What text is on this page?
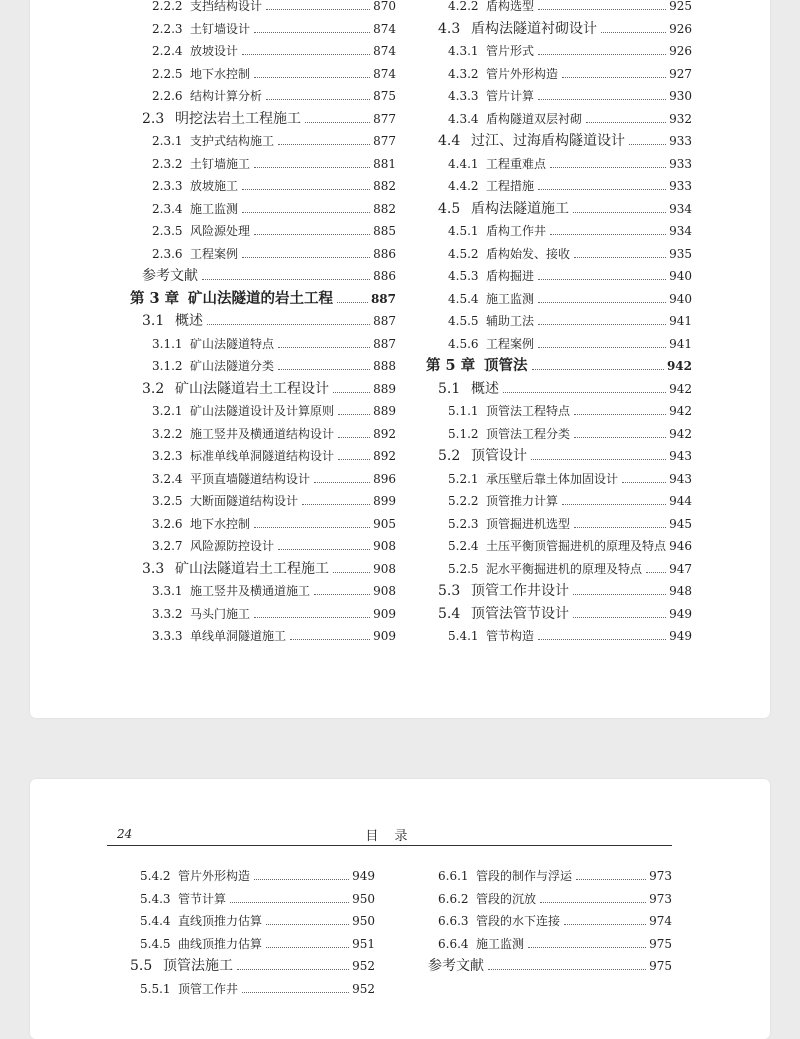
2.2.2 支挡结构设计	870
2.2.3 土钉墙设计	874
2.2.4 放坡设计	874
2.2.5 地下水控制	874
2.2.6 结构计算分析	875
2.3 明挖法岩土工程施工	877
2.3.1 支护式结构施工	877
2.3.2 土钉墙施工	881
2.3.3 放坡施工	882
2.3.4 施工监测	882
2.3.5 风险源处理	885
2.3.6 工程案例	886
参考文献	886
第 3 章 矿山法隧道的岩土工程	887
3.1 概述	887
3.1.1 矿山法隧道特点	887
3.1.2 矿山法隧道分类	888
3.2 矿山法隧道岩土工程设计	889
3.2.1 矿山法隧道设计及计算原则	889
3.2.2 施工竖井及横通道结构设计	892
3.2.3 标准单线单洞隧道结构设计	892
3.2.4 平顶直墙隧道结构设计	896
3.2.5 大断面隧道结构设计	899
3.2.6 地下水控制	905
3.2.7 风险源防控设计	908
3.3 矿山法隧道岩土工程施工	908
3.3.1 施工竖井及横通道施工	908
3.3.2 马头门施工	909
3.3.3 单线单洞隧道施工	909
4.2.2 盾构选型	925
4.3 盾构法隧道衬砌设计	926
4.3.1 管片形式	926
4.3.2 管片外形构造	927
4.3.3 管片计算	930
4.3.4 盾构隧道双层衬砌	932
4.4 过江、过海盾构隧道设计	933
4.4.1 工程重难点	933
4.4.2 工程措施	933
4.5 盾构法隧道施工	934
4.5.1 盾构工作井	934
4.5.2 盾构始发、接收	935
4.5.3 盾构掘进	940
4.5.4 施工监测	940
4.5.5 辅助工法	941
4.5.6 工程案例	941
第 5 章 顶管法	942
5.1 概述	942
5.1.1 顶管法工程特点	942
5.1.2 顶管法工程分类	942
5.2 顶管设计	943
5.2.1 承压壁后靠土体加固设计	943
5.2.2 顶管推力计算	944
5.2.3 顶管掘进机选型	945
5.2.4 土压平衡顶管掘进机的原理及特点 946
5.2.5 泥水平衡掘进机的原理及特点 947
5.3 顶管工作井设计	948
5.4 顶管法管节设计	949
5.4.1 管节构造	949
24	目 录
5.4.2 管片外形构造	949
5.4.3 管节计算	950
5.4.4 直线顶推力估算	950
5.4.5 曲线顶推力估算	951
5.5 顶管法施工	952
5.5.1 顶管工作井	952
6.6.1 管段的制作与浮运	973
6.6.2 管段的沉放	973
6.6.3 管段的水下连接	974
6.6.4 施工监测	975
参考文献	975
